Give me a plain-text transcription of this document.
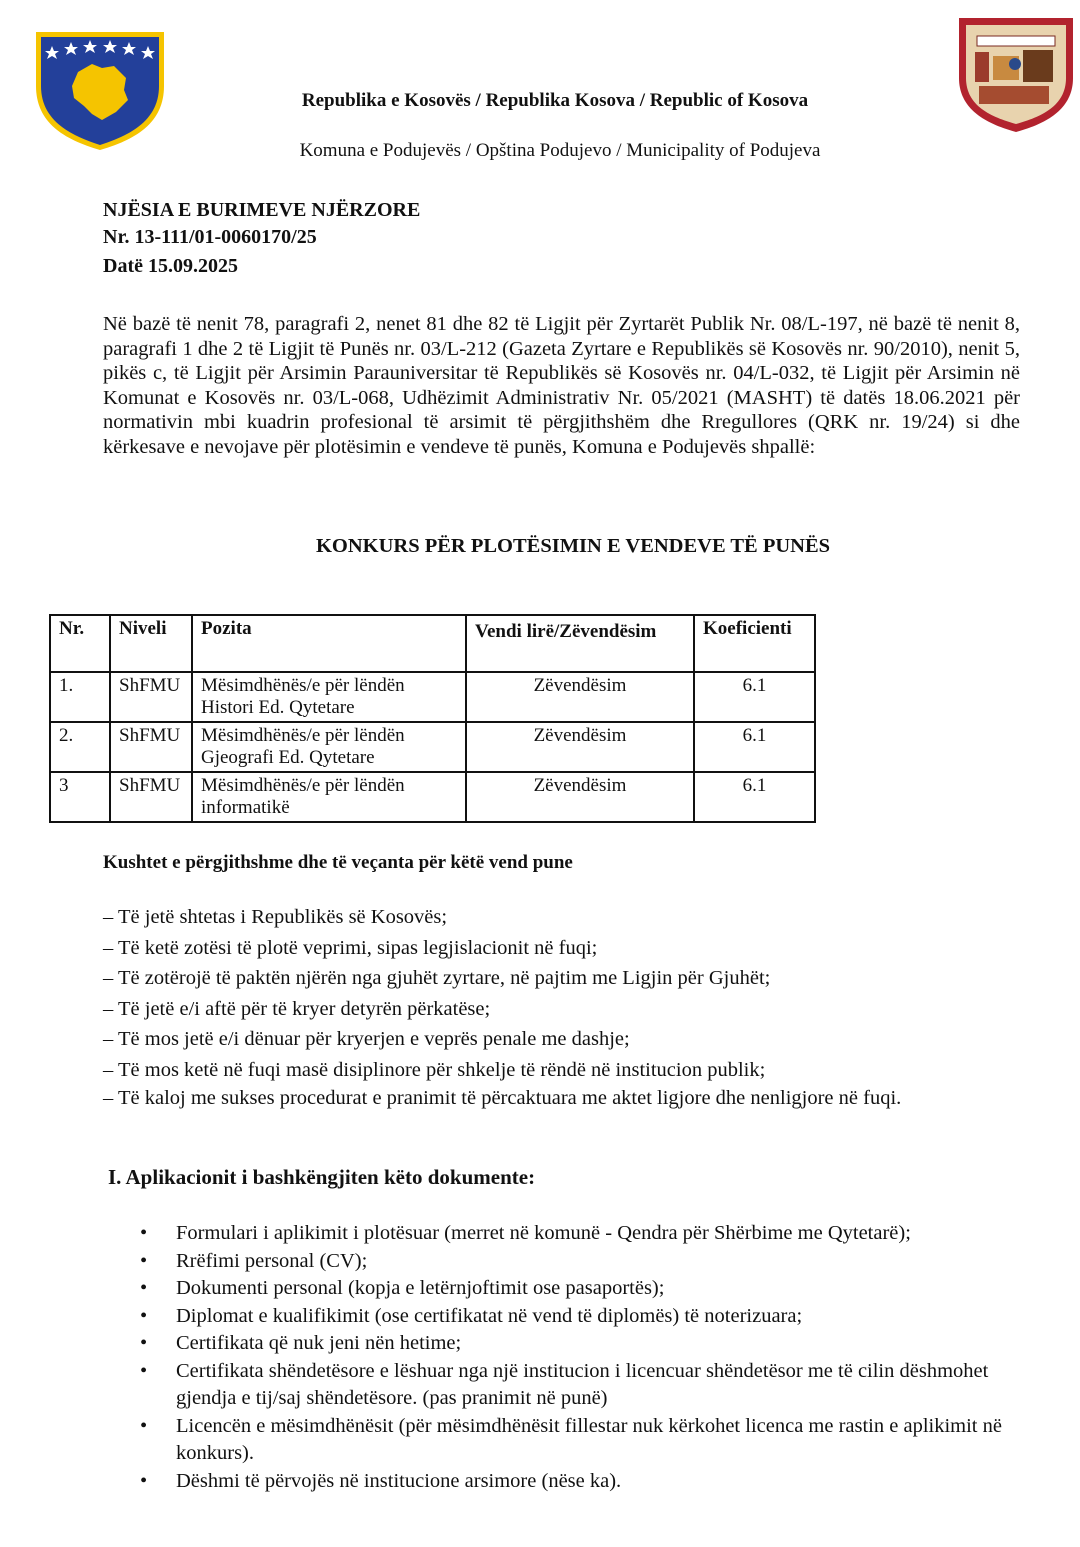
Republika e Kosovës / Republika Kosova / Republic of Kosova
Komuna e Podujevës / Opština Podujevo / Municipality of Podujeva
NJËSIA E BURIMEVE NJËRZORE
Nr. 13-111/01-0060170/25
Datë 15.09.2025
Në bazë të nenit 78, paragrafi 2, nenet 81 dhe 82 të Ligjit për Zyrtarët Publik Nr. 08/L-197, në bazë të nenit 8, paragrafi 1 dhe 2 të Ligjit të Punës nr. 03/L-212 (Gazeta Zyrtare e Republikës së Kosovës nr. 90/2010), nenit 5, pikës c, të Ligjit për Arsimin Parauniversitar të Republikës së Kosovës nr. 04/L-032, të Ligjit për Arsimin në Komunat e Kosovës nr. 03/L-068, Udhëzimit Administrativ Nr. 05/2021 (MASHT) të datës 18.06.2021 për normativin mbi kuadrin profesional të arsimit të përgjithshëm dhe Rregullores (QRK nr. 19/24) si dhe kërkesave e nevojave për plotësimin e vendeve të punës, Komuna e Podujevës shpallë:
KONKURS PËR PLOTËSIMIN E VENDEVE TË PUNËS
Nr.	Niveli	Pozita	Vendi lirë/Zëvendësim	Koeficienti
1.	ShFMU	Mësimdhënës/e për lëndën Histori Ed. Qytetare	Zëvendësim	6.1
2.	ShFMU	Mësimdhënës/e për lëndën Gjeografi Ed. Qytetare	Zëvendësim	6.1
3	ShFMU	Mësimdhënës/e për lëndën informatikë	Zëvendësim	6.1
Kushtet e përgjithshme dhe të veçanta për këtë vend pune
– Të jetë shtetas i Republikës së Kosovës;
– Të ketë zotësi të plotë veprimi, sipas legjislacionit në fuqi;
– Të zotërojë të paktën njërën nga gjuhët zyrtare, në pajtim me Ligjin për Gjuhët;
– Të jetë e/i aftë për të kryer detyrën përkatëse;
– Të mos jetë e/i dënuar për kryerjen e veprës penale me dashje;
– Të mos ketë në fuqi masë disiplinore për shkelje të rëndë në institucion publik;
– Të kaloj me sukses procedurat e pranimit të përcaktuara me aktet ligjore dhe nenligjore në fuqi.
I. Aplikacionit i bashkëngjiten këto dokumente:
• Formulari i aplikimit i plotësuar (merret në komunë - Qendra për Shërbime me Qytetarë);
• Rrëfimi personal (CV);
• Dokumenti personal (kopja e letërnjoftimit ose pasaportës);
• Diplomat e kualifikimit (ose certifikatat në vend të diplomës) të noterizuara;
• Certifikata që nuk jeni nën hetime;
• Certifikata shëndetësore e lëshuar nga një institucion i licencuar shëndetësor me të cilin dëshmohet gjendja e tij/saj shëndetësore. (pas pranimit në punë)
• Licencën e mësimdhënësit (për mësimdhënësit fillestar nuk kërkohet licenca me rastin e aplikimit në konkurs).
• Dëshmi të përvojës në institucione arsimore (nëse ka).
